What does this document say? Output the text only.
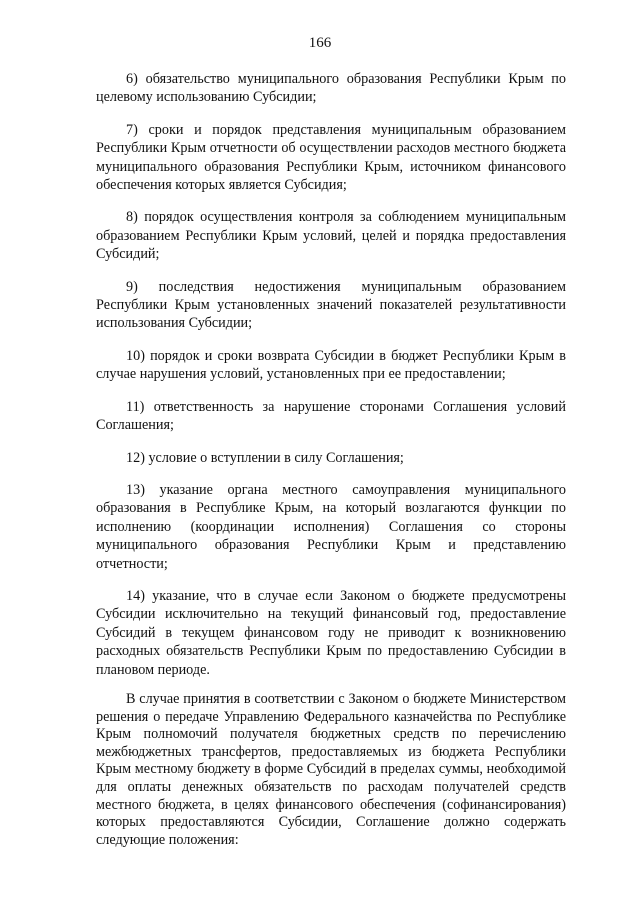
166

6) обязательство муниципального образования Республики Крым по целевому использованию Субсидии;

7) сроки и порядок представления муниципальным образованием Республики Крым отчетности об осуществлении расходов местного бюджета муниципального образования Республики Крым, источником финансового обеспечения которых является Субсидия;

8) порядок осуществления контроля за соблюдением муниципальным образованием Республики Крым условий, целей и порядка предоставления Субсидий;

9) последствия недостижения муниципальным образованием Республики Крым установленных значений показателей результативности использования Субсидии;

10) порядок и сроки возврата Субсидии в бюджет Республики Крым в случае нарушения условий, установленных при ее предоставлении;

11) ответственность за нарушение сторонами Соглашения условий Соглашения;

12) условие о вступлении в силу Соглашения;

13) указание органа местного самоуправления муниципального образования в Республике Крым, на который возлагаются функции по исполнению (координации исполнения) Соглашения со стороны муниципального образования Республики Крым и представлению отчетности;

14) указание, что в случае если Законом о бюджете предусмотрены Субсидии исключительно на текущий финансовый год, предоставление Субсидий в текущем финансовом году не приводит к возникновению расходных обязательств Республики Крым по предоставлению Субсидии в плановом периоде.

В случае принятия в соответствии с Законом о бюджете Министерством решения о передаче Управлению Федерального казначейства по Республике Крым полномочий получателя бюджетных средств по перечислению межбюджетных трансфертов, предоставляемых из бюджета Республики Крым местному бюджету в форме Субсидий в пределах суммы, необходимой для оплаты денежных обязательств по расходам получателей средств местного бюджета, в целях финансового обеспечения (софинансирования) которых предоставляются Субсидии, Соглашение должно содержать следующие положения:
